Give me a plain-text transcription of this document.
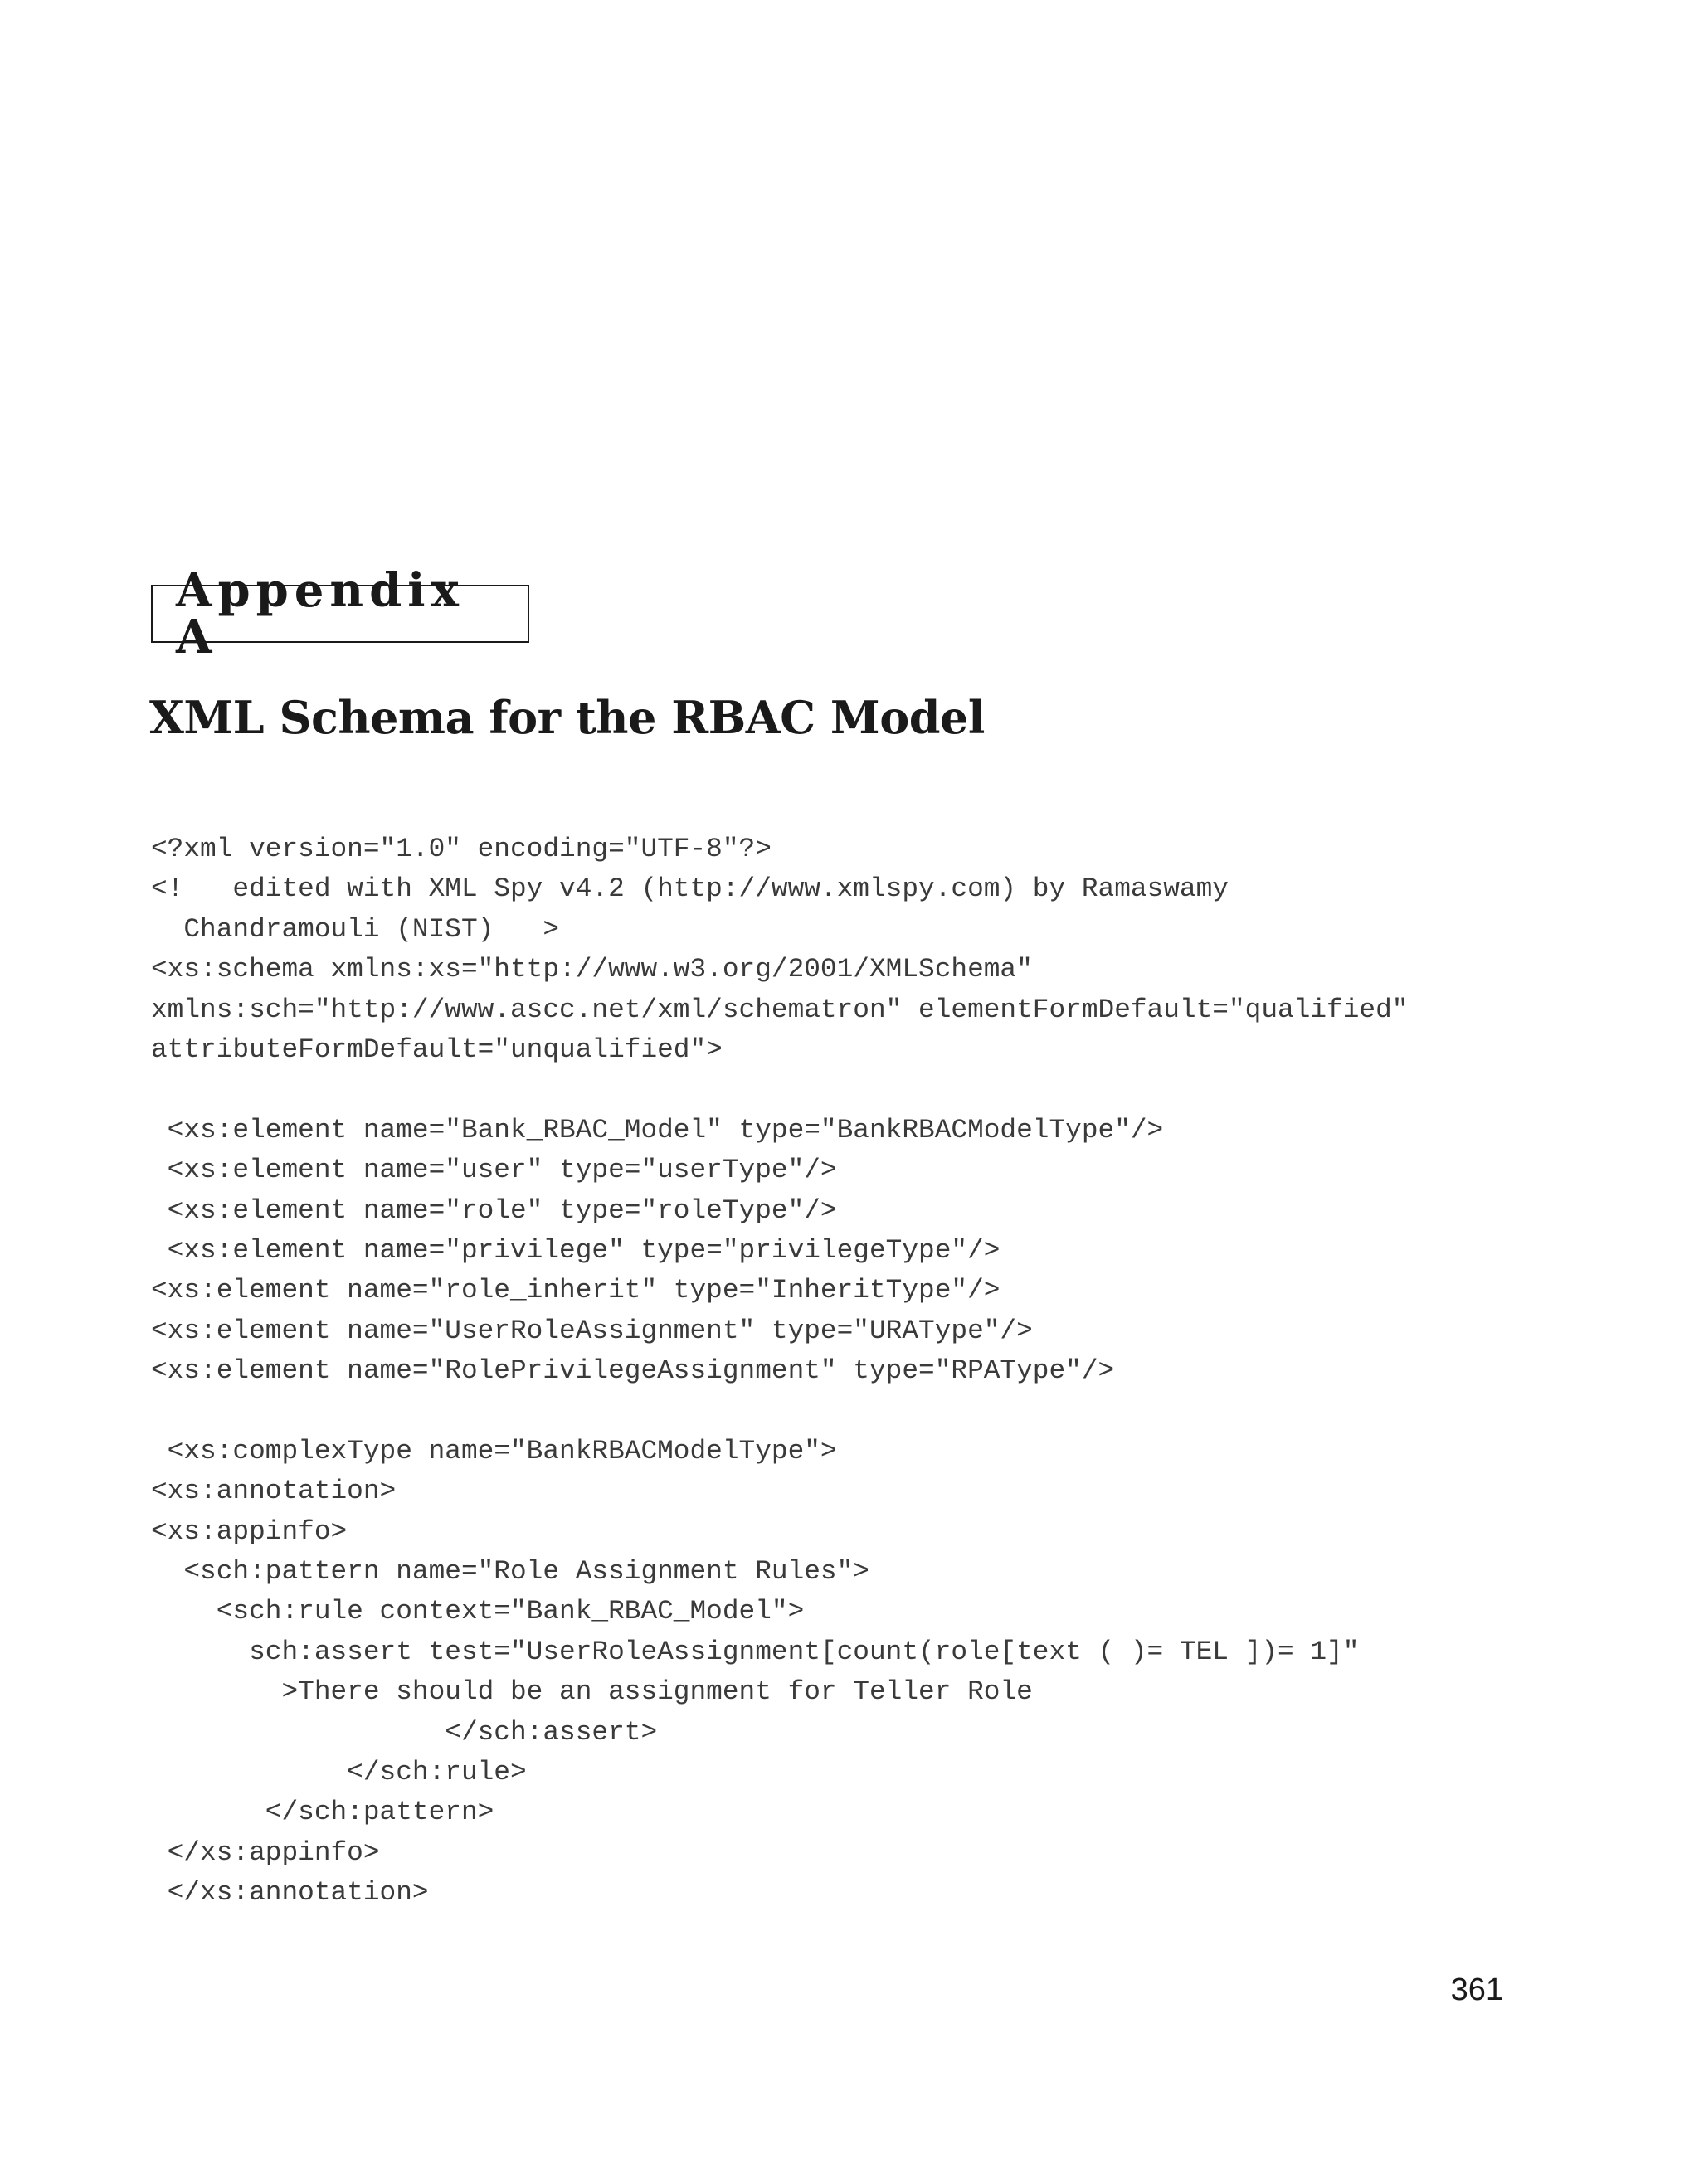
Appendix A
XML Schema for the RBAC Model
<?xml version="1.0" encoding="UTF-8"?>
<!   edited with XML Spy v4.2 (http://www.xmlspy.com) by Ramaswamy
Chandramouli (NIST)   >
<xs:schema xmlns:xs="http://www.w3.org/2001/XMLSchema"
xmlns:sch="http://www.ascc.net/xml/schematron" elementFormDefault="qualified"
attributeFormDefault="unqualified">
<xs:element name="Bank_RBAC_Model" type="BankRBACModelType"/>
<xs:element name="user" type="userType"/>
<xs:element name="role" type="roleType"/>
<xs:element name="privilege" type="privilegeType"/>
<xs:element name="role_inherit" type="InheritType"/>
<xs:element name="UserRoleAssignment" type="URAType"/>
<xs:element name="RolePrivilegeAssignment" type="RPAType"/>
<xs:complexType name="BankRBACModelType">
<xs:annotation>
<xs:appinfo>
<sch:pattern name="Role Assignment Rules">
<sch:rule context="Bank_RBAC_Model">
sch:assert test="UserRoleAssignment[count(role[text ( )= TEL ])= 1]"
>There should be an assignment for Teller Role
</sch:assert>
</sch:rule>
</sch:pattern>
</xs:appinfo>
</xs:annotation>
361
